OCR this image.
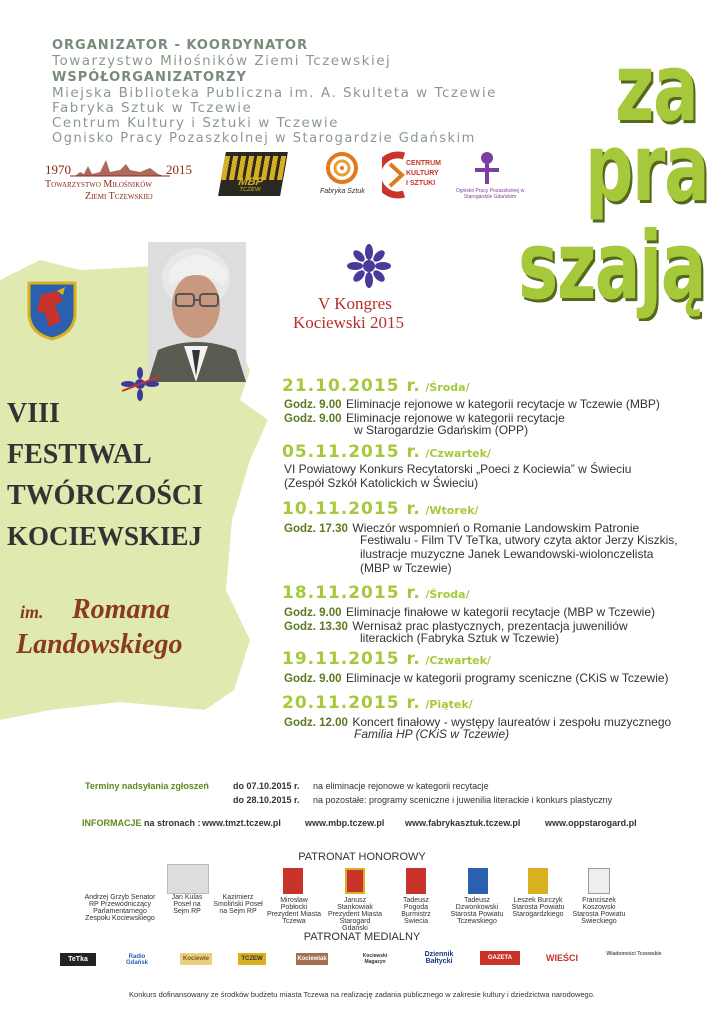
ORGANIZATOR - KOORDYNATOR
Towarzystwo Miłośników Ziemi Tczewskiej
WSPÓŁORGANIZATORZY
Miejska Biblioteka Publiczna im. A. Skulteta w Tczewie
Fabryka Sztuk w Tczewie
Centrum Kultury i Sztuki w Tczewie
Ognisko Pracy Pozaszkolnej w Starogardzie Gdańskim za
pra
szają
1970	2015
Towarzystwo Miłośników
Ziemi Tczewskiej
MBP
TCZEW	Fabryka Sztuk
CENTRUM
KULTURY
I SZTUKI
Ognisko Pracy Pozaszkolnej w Starogardzie Gdańskim
V Kongres
Kociewski 2015
VIII
FESTIWAL
TWÓRCZOŚCI
KOCIEWSKIEJ
im. Romana
Landowskiego
21.10.2015 r. /Środa/
Godz. 9.00 Eliminacje rejonowe w kategorii recytacje w Tczewie (MBP)
Godz. 9.00 Eliminacje rejonowe w kategorii recytacje
w Starogardzie Gdańskim (OPP)
05.11.2015 r. /Czwartek/
VI Powiatowy Konkurs Recytatorski „Poeci z Kociewia” w Świeciu
(Zespół Szkół Katolickich w Świeciu)
10.11.2015 r. /Wtorek/
Godz. 17.30 Wieczór wspomnień o Romanie Landowskim Patronie
Festiwalu - Film TV TeTka, utwory czyta aktor Jerzy Kiszkis,
ilustracje muzyczne Janek Lewandowski-wiolonczelista
(MBP w Tczewie)
18.11.2015 r. /Środa/
Godz. 9.00 Eliminacje finałowe w kategorii recytacje (MBP w Tczewie)
Godz. 13.30 Wernisaż prac plastycznych, prezentacja juweniliów
literackich (Fabryka Sztuk w Tczewie)
19.11.2015 r. /Czwartek/
Godz. 9.00 Eliminacje w kategorii programy sceniczne (CKiS w Tczewie)
20.11.2015 r. /Piątek/
Godz. 12.00 Koncert finałowy - występy laureatów i zespołu muzycznego
Familia HP (CKiS w Tczewie)
Terminy nadsyłania zgłoszeń	do 07.10.2015 r. na eliminacje rejonowe w kategorii recytacje
do 28.10.2015 r. na pozostałe: programy sceniczne i juwenilia literackie i konkurs plastyczny
INFORMACJE na stronach : www.tmzt.tczew.pl	www.mbp.tczew.pl www.fabrykasztuk.tczew.pl	www.oppstarogard.pl
PATRONAT HONOROWY
Andrzej Grzyb Senator RP Przewodniczący Parlamentarnego Zespołu Kociewskiego
Jan Kulas Poseł na Sejm RP
Kazimierz Smoliński Poseł na Sejm RP
Mirosław Pobłocki Prezydent Miasta Tczewa
Janusz Stankowiak Prezydent Miasta Starogard Gdański
Tadeusz Pogoda Burmistrz Świecia
Tadeusz Dzwonkowski Starosta Powiatu Tczewskiego
Leszek Burczyk Starosta Powiatu Starogardzkiego
Franciszek Koszowski Starosta Powiatu Świeckiego
PATRONAT MEDIALNY
TeTka	Radio Gdańsk
Kociewie	TCZEW	Kociewiak	Kociewski Magazyn
Dziennik Bałtycki	GAZETA Tczewska
WIEŚCI	Wiadomości Tczewskie
Konkurs dofinansowany ze środków budżetu miasta Tczewa na realizację zadania publicznego w zakresie kultury i dziedzictwa narodowego.
